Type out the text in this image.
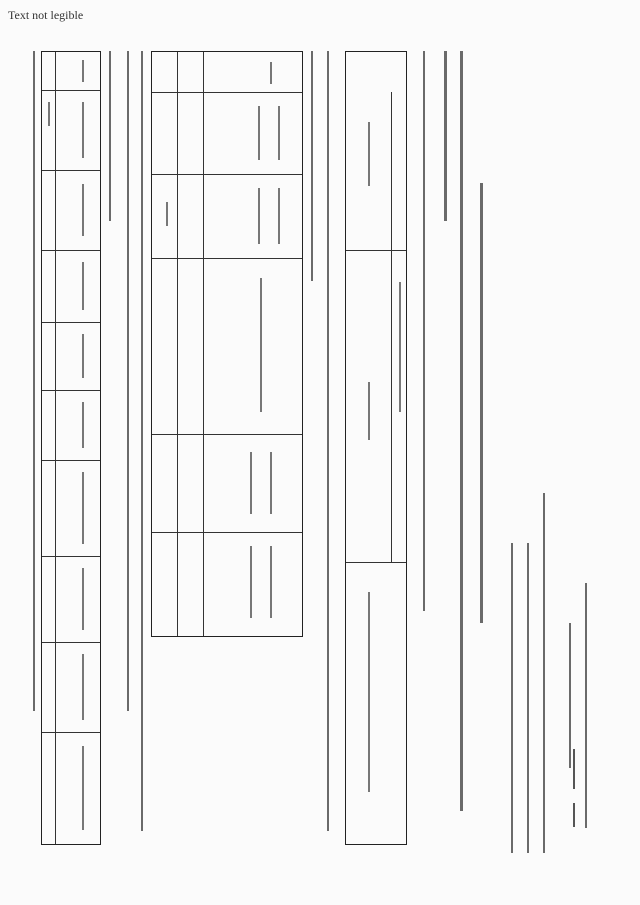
Text not legible
